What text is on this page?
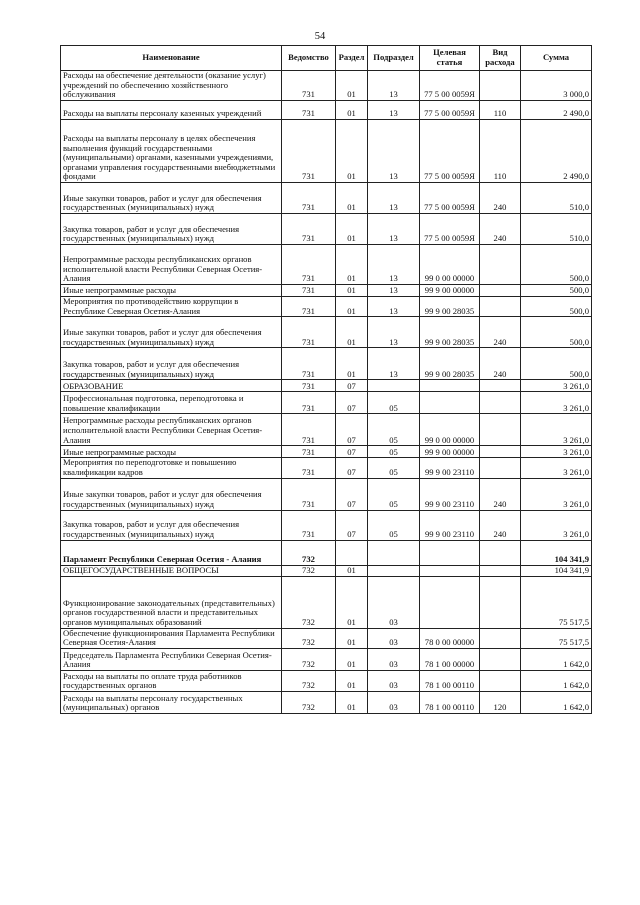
54
Наименование	Ведомство	Раздел	Подраздел	Целевая статья	Вид расхода	Сумма
Расходы на обеспечение деятельности (оказание услуг) учреждений по обеспечению хозяйственного обслуживания	731	01	13	77 5 00 0059Я		3 000,0
Расходы на выплаты персоналу казенных учреждений	731	01	13	77 5 00 0059Я	110	2 490,0
Расходы на выплаты персоналу в целях обеспечения выполнения функций государственными (муниципальными) органами, казенными учреждениями, органами управления государственными внебюджетными фондами	731	01	13	77 5 00 0059Я	110	2 490,0
Иные закупки товаров, работ и услуг для обеспечения государственных (муниципальных) нужд	731	01	13	77 5 00 0059Я	240	510,0
Закупка товаров, работ и услуг для обеспечения государственных (муниципальных) нужд	731	01	13	77 5 00 0059Я	240	510,0
Непрограммные расходы республиканских органов исполнительной власти Республики Северная Осетия-Алания	731	01	13	99 0 00 00000		500,0
Иные непрограммные расходы	731	01	13	99 9 00 00000		500,0
Мероприятия по противодействию коррупции в Республике Северная Осетия-Алания	731	01	13	99 9 00 28035		500,0
Иные закупки товаров, работ и услуг для обеспечения государственных (муниципальных) нужд	731	01	13	99 9 00 28035	240	500,0
Закупка товаров, работ и услуг для обеспечения государственных (муниципальных) нужд	731	01	13	99 9 00 28035	240	500,0
ОБРАЗОВАНИЕ	731	07				3 261,0
Профессиональная подготовка, переподготовка и повышение квалификации	731	07	05			3 261,0
Непрограммные расходы республиканских органов исполнительной власти Республики Северная Осетия-Алания	731	07	05	99 0 00 00000		3 261,0
Иные непрограммные расходы	731	07	05	99 9 00 00000		3 261,0
Мероприятия по переподготовке и повышению квалификации кадров	731	07	05	99 9 00 23110		3 261,0
Иные закупки товаров, работ и услуг для обеспечения государственных (муниципальных) нужд	731	07	05	99 9 00 23110	240	3 261,0
Закупка товаров, работ и услуг для обеспечения государственных (муниципальных) нужд	731	07	05	99 9 00 23110	240	3 261,0
Парламент Республики Северная Осетия - Алания	732					104 341,9
ОБЩЕГОСУДАРСТВЕННЫЕ ВОПРОСЫ	732	01				104 341,9
Функционирование законодательных (представительных) органов государственной власти и представительных органов муниципальных образований	732	01	03			75 517,5
Обеспечение функционирования Парламента Республики Северная Осетия-Алания	732	01	03	78 0 00 00000		75 517,5
Председатель Парламента Республики Северная Осетия-Алания	732	01	03	78 1 00 00000		1 642,0
Расходы на выплаты по оплате труда работников государственных органов	732	01	03	78 1 00 00110		1 642,0
Расходы на выплаты персоналу государственных (муниципальных) органов	732	01	03	78 1 00 00110	120	1 642,0
